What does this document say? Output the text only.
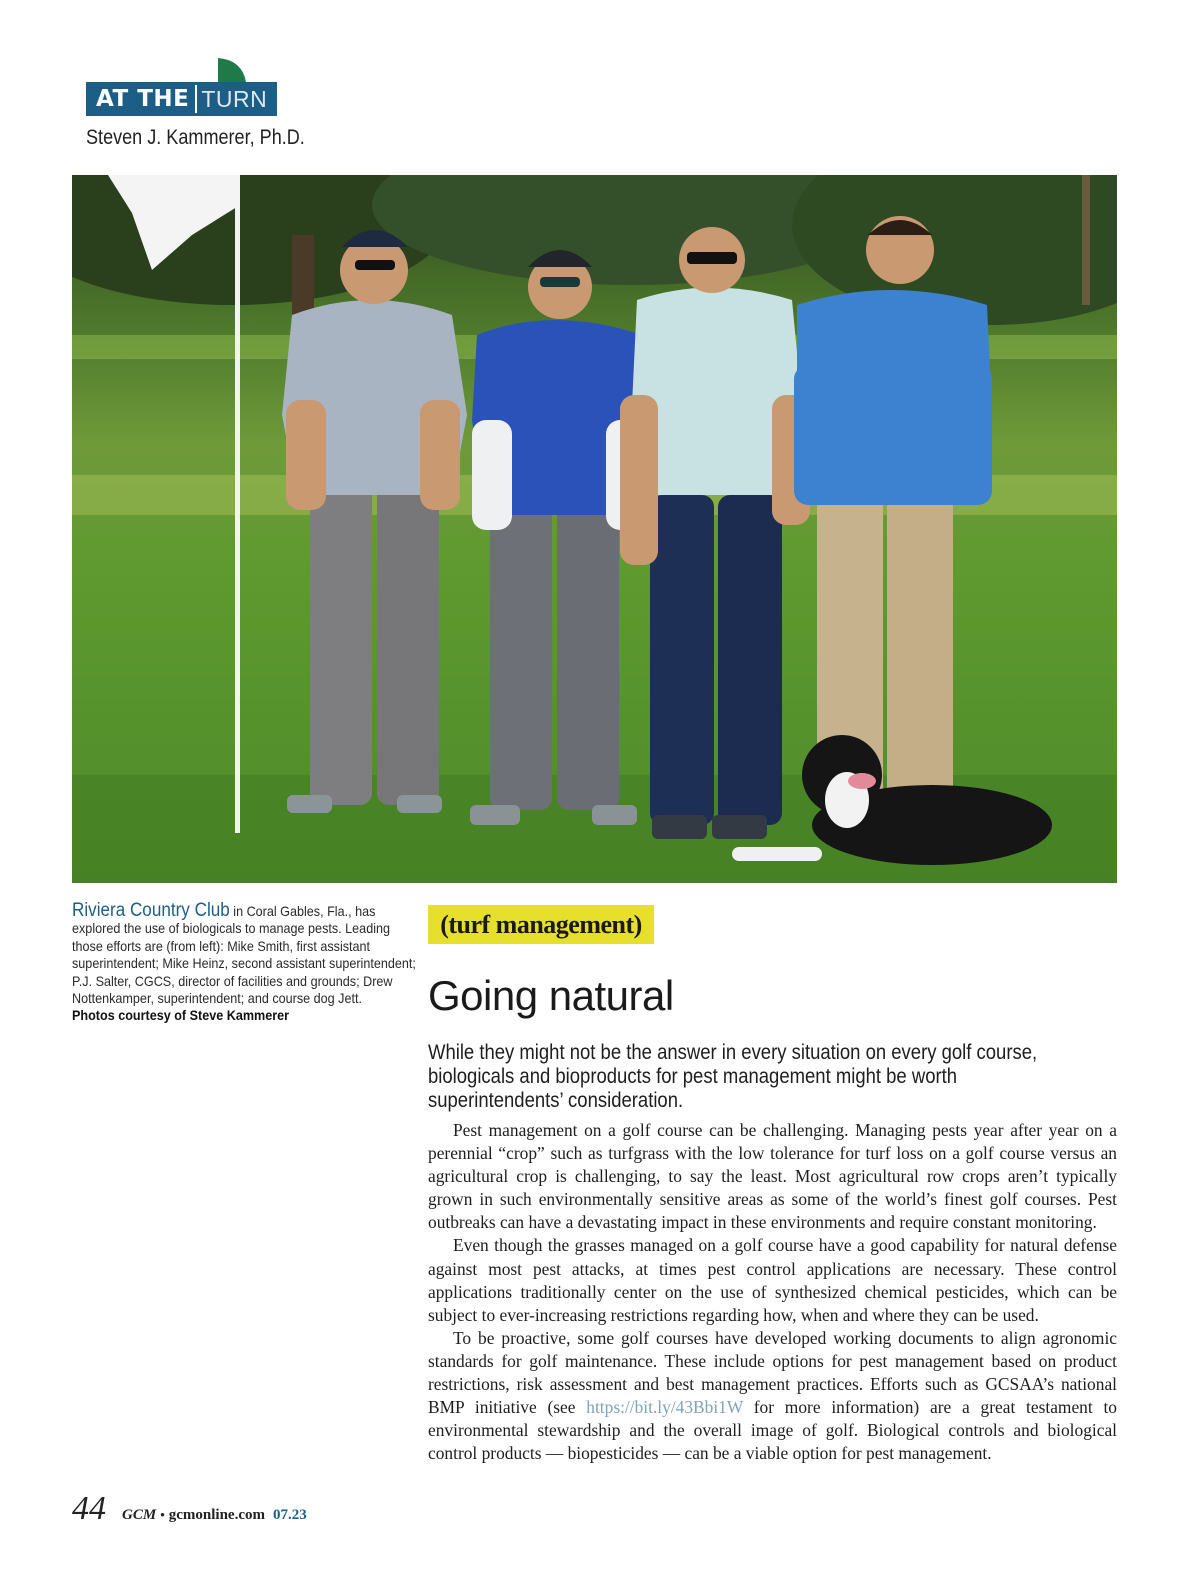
AT THE TURN
Steven J. Kammerer, Ph.D.
Riviera Country Club in Coral Gables, Fla., has explored the use of biologicals to manage pests. Leading those efforts are (from left): Mike Smith, first assistant superintendent; Mike Heinz, second assistant superintendent; P.J. Salter, CGCS, director of facilities and grounds; Drew Nottenkamper, superintendent; and course dog Jett.
Photos courtesy of Steve Kammerer
(turf management)
Going natural
While they might not be the answer in every situation on every golf course, biologicals and bioproducts for pest management might be worth superintendents’ consideration.

Pest management on a golf course can be challenging. Managing pests year after year on a perennial “crop” such as turfgrass with the low tolerance for turf loss on a golf course versus an agricultural crop is challenging, to say the least. Most agricultural row crops aren’t typically grown in such environmentally sensitive areas as some of the world’s finest golf courses. Pest outbreaks can have a devastating impact in these environments and require constant monitoring.

Even though the grasses managed on a golf course have a good capability for natural defense against most pest attacks, at times pest control applications are necessary. These control applications traditionally center on the use of synthesized chemical pesticides, which can be subject to ever-increasing restrictions regarding how, when and where they can be used.

To be proactive, some golf courses have developed working documents to align agronomic standards for golf maintenance. These include options for pest management based on product restrictions, risk assessment and best management practices. Efforts such as GCSAA’s national BMP initiative (see https://bit.ly/43Bbi1W for more information) are a great testament to environmental stewardship and the overall image of golf. Biological controls and biological control products — biopesticides — can be a viable option for pest management.

44 GCM • gcmonline.com 07.23
